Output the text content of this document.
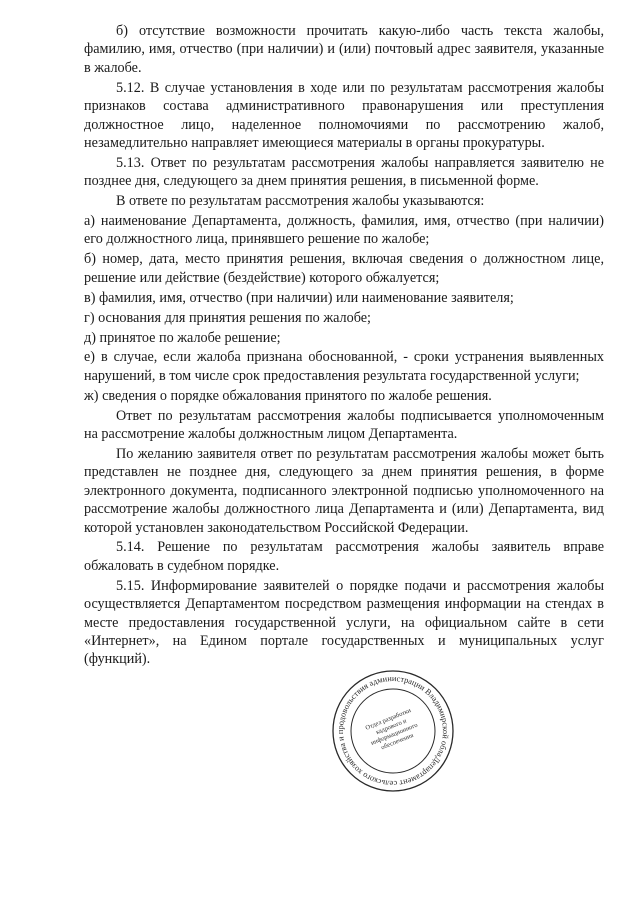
б) отсутствие возможности прочитать какую-либо часть текста жалобы, фамилию, имя, отчество (при наличии) и (или) почтовый адрес заявителя, указанные в жалобе.

5.12. В случае установления в ходе или по результатам рассмотрения жалобы признаков состава административного правонарушения или преступления должностное лицо, наделенное полномочиями по рассмотрению жалоб, незамедлительно направляет имеющиеся материалы в органы прокуратуры.

5.13. Ответ по результатам рассмотрения жалобы направляется заявителю не позднее дня, следующего за днем принятия решения, в письменной форме.

В ответе по результатам рассмотрения жалобы указываются:

а) наименование Департамента, должность, фамилия, имя, отчество (при наличии) его должностного лица, принявшего решение по жалобе;

б) номер, дата, место принятия решения, включая сведения о должностном лице, решение или действие (бездействие) которого обжалуется;

в) фамилия, имя, отчество (при наличии) или наименование заявителя;

г) основания для принятия решения по жалобе;

д) принятое по жалобе решение;

е) в случае, если жалоба признана обоснованной, - сроки устранения выявленных нарушений, в том числе срок предоставления результата государственной услуги;

ж) сведения о порядке обжалования принятого по жалобе решения.

Ответ по результатам рассмотрения жалобы подписывается уполномоченным на рассмотрение жалобы должностным лицом Департамента.

По желанию заявителя ответ по результатам рассмотрения жалобы может быть представлен не позднее дня, следующего за днем принятия решения, в форме электронного документа, подписанного электронной подписью уполномоченного на рассмотрение жалобы должностного лица Департамента и (или) Департамента, вид которой установлен законодательством Российской Федерации.

5.14. Решение по результатам рассмотрения жалобы заявитель вправе обжаловать в судебном порядке.

5.15. Информирование заявителей о порядке подачи и рассмотрения жалобы осуществляется Департаментом посредством размещения информации на стендах в месте предоставления государственной услуги, на официальном сайте в сети «Интернет», на Едином портале государственных и муниципальных услуг (функций).

Департамент сельского хозяйства и продовольствия администрации Владимирской области
Отдел разработки кадрового и информационного обеспечения
